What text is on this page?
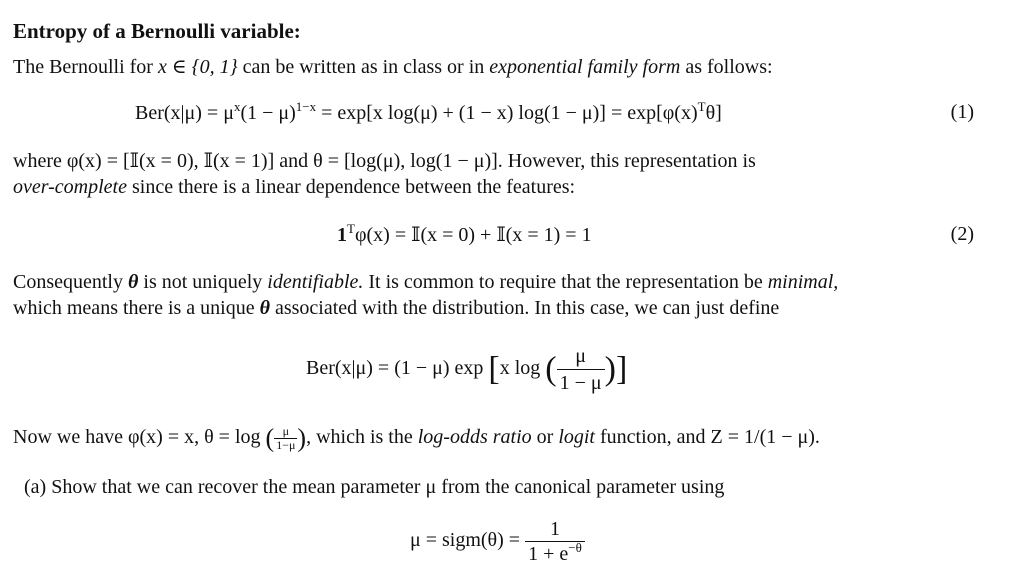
Entropy of a Bernoulli variable:
The Bernoulli for x ∈ {0, 1} can be written as in class or in exponential family form as follows:
$Ber(x|\mu) = \mu^x(1 - \mu)^{1-x} = \exp[x$ log(μ) + (1 − x) $\log(1 - \mu)] = \exp[\varphi(x)^T\theta]$	(1)
where φ(x) = [𝕀(x = 0), 𝕀(x = 1)] and θ = [log(μ), log(1 − μ)]. However, this representation is
over-complete since there is a linear dependence between the features:
$1^T\varphi(x)$ = 𝕀(x = 0) + 𝕀(x = 1) = 1	(2)
Consequently θ is not uniquely identifiable. It is common to require that the representation be minimal,
which means there is a unique θ associated with the distribution. In this case, we can just define
Ber(x|μ) = (1 − μ) exp [x log ( $\frac{\mu}{1 - \mu}$ )]
Now we have φ(x) = x, θ = log ( $\frac{\mu}{1-\mu}$ ), which is the log-odds ratio or logit function, and Z = 1/(1 − μ).
(a) Show that we can recover the mean parameter μ from the canonical parameter using
μ = sigm(θ) = $\frac{1}{1 + e^{-\theta}}$
